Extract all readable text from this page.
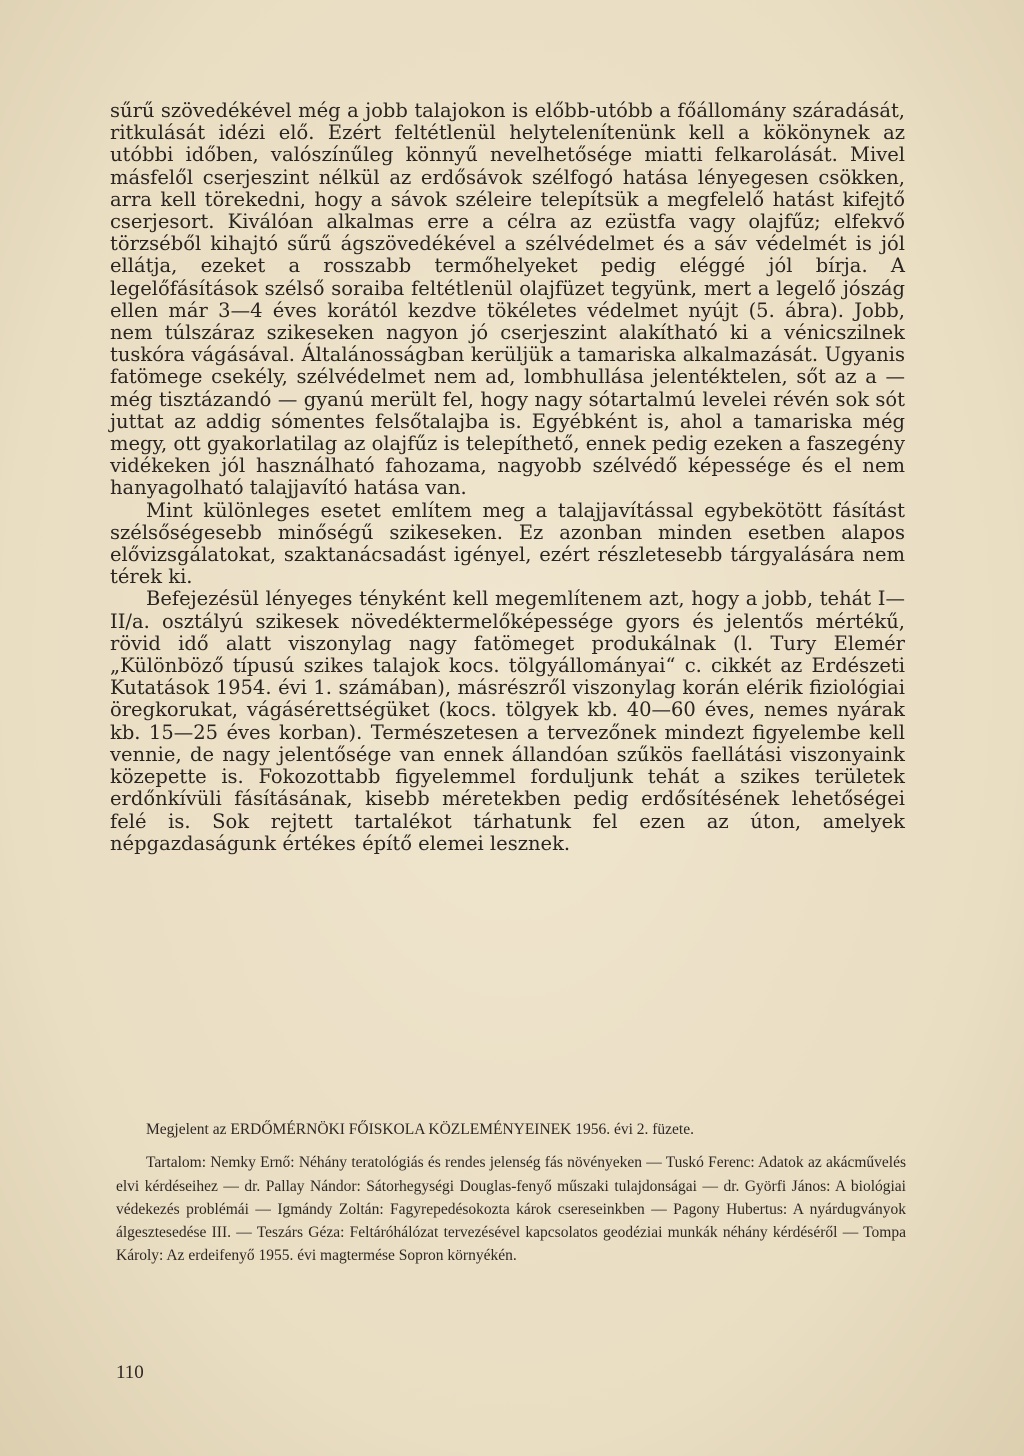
sűrű szövedékével még a jobb talajokon is előbb-utóbb a főállomány száradását, ritkulását idézi elő. Ezért feltétlenül helytelenítenünk kell a kökönynek az utóbbi időben, valószínűleg könnyű nevelhetősége miatti felkarolását. Mivel másfelől cserjeszint nélkül az erdősávok szélfogó hatása lényegesen csökken, arra kell törekedni, hogy a sávok széleire telepítsük a megfelelő hatást kifejtő cserjesort. Kiválóan alkalmas erre a célra az ezüstfa vagy olajfűz; elfekvő törzséből kihajtó sűrű ágszövedékével a szélvédelmet és a sáv védelmét is jól ellátja, ezeket a rosszabb termőhelyeket pedig eléggé jól bírja. A legelőfásítások szélső soraiba feltétlenül olajfüzet tegyünk, mert a legelő jószág ellen már 3—4 éves korától kezdve tökéletes védelmet nyújt (5. ábra). Jobb, nem túlszáraz szikeseken nagyon jó cserjeszint alakítható ki a vénicszilnek tuskóra vágásával. Általánosságban kerüljük a tamariska alkalmazását. Ugyanis fatömege csekély, szélvédelmet nem ad, lombhullása jelentéktelen, sőt az a — még tisztázandó — gyanú merült fel, hogy nagy sótartalmú levelei révén sok sót juttat az addig sómentes felsőtalajba is. Egyébként is, ahol a tamariska még megy, ott gyakorlatilag az olajfűz is telepíthető, ennek pedig ezeken a faszegény vidékeken jól használható fahozama, nagyobb szélvédő képessége és el nem hanyagolható talajjavító hatása van.

Mint különleges esetet említem meg a talajjavítással egybekötött fásítást szélsőségesebb minőségű szikeseken. Ez azonban minden esetben alapos elővizsgálatokat, szaktanácsadást igényel, ezért részletesebb tárgyalására nem térek ki.

Befejezésül lényeges tényként kell megemlítenem azt, hogy a jobb, tehát I—II/a. osztályú szikesek növedéktermelőképessége gyors és jelentős mértékű, rövid idő alatt viszonylag nagy fatömeget produkálnak (l. Tury Elemér „Különböző típusú szikes talajok kocs. tölgyállományai“ c. cikkét az Erdészeti Kutatások 1954. évi 1. számában), másrészről viszonylag korán elérik fiziológiai öregkorukat, vágásérettségüket (kocs. tölgyek kb. 40—60 éves, nemes nyárak kb. 15—25 éves korban). Természetesen a tervezőnek mindezt figyelembe kell vennie, de nagy jelentősége van ennek állandóan szűkös faellátási viszonyaink közepette is. Fokozottabb figyelemmel forduljunk tehát a szikes területek erdőnkívüli fásításának, kisebb méretekben pedig erdősítésének lehetőségei felé is. Sok rejtett tartalékot tárhatunk fel ezen az úton, amelyek népgazdaságunk értékes építő elemei lesznek.

Megjelent az ERDŐMÉRNÖKI FŐISKOLA KÖZLEMÉNYEINEK 1956. évi 2. füzete.

Tartalom: Nemky Ernő: Néhány teratológiás és rendes jelenség fás növényeken — Tuskó Ferenc: Adatok az akácművelés elvi kérdéseihez — dr. Pallay Nándor: Sátorhegységi Douglas-fenyő műszaki tulajdonságai — dr. Györfi János: A biológiai védekezés problémái — Igmándy Zoltán: Fagyrepedésokozta károk csereseinkben — Pagony Hubertus: A nyárdugványok álgesztesedése III. — Teszárs Géza: Feltáróhálózat tervezésével kapcsolatos geodéziai munkák néhány kérdéséről — Tompa Károly: Az erdeifenyő 1955. évi magtermése Sopron környékén.

110
